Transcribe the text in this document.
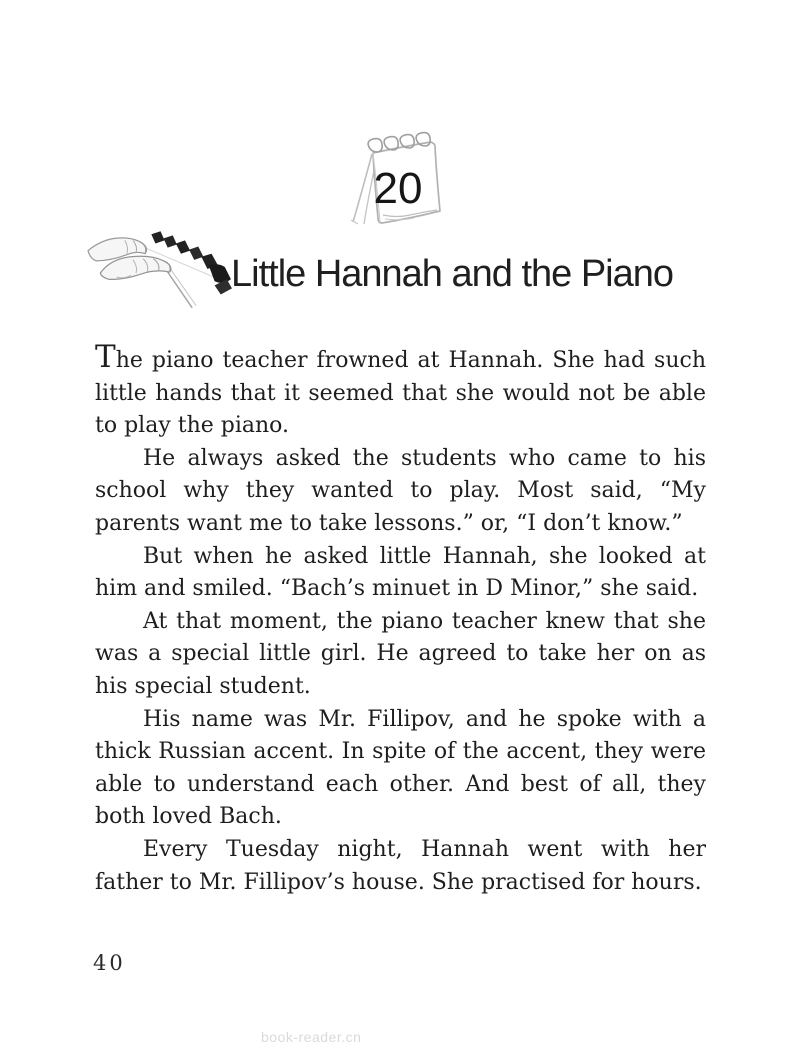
20
Little Hannah and the Piano

The piano teacher frowned at Hannah. She had such little hands that it seemed that she would not be able to play the piano.

He always asked the students who came to his school why they wanted to play. Most said, “My parents want me to take lessons.” or, “I don’t know.”

But when he asked little Hannah, she looked at him and smiled. “Bach’s minuet in D Minor,” she said.

At that moment, the piano teacher knew that she was a special little girl. He agreed to take her on as his special student.

His name was Mr. Fillipov, and he spoke with a thick Russian accent. In spite of the accent, they were able to understand each other. And best of all, they both loved Bach.

Every Tuesday night, Hannah went with her father to Mr. Fillipov’s house. She practised for hours.

40
book-reader.cn
